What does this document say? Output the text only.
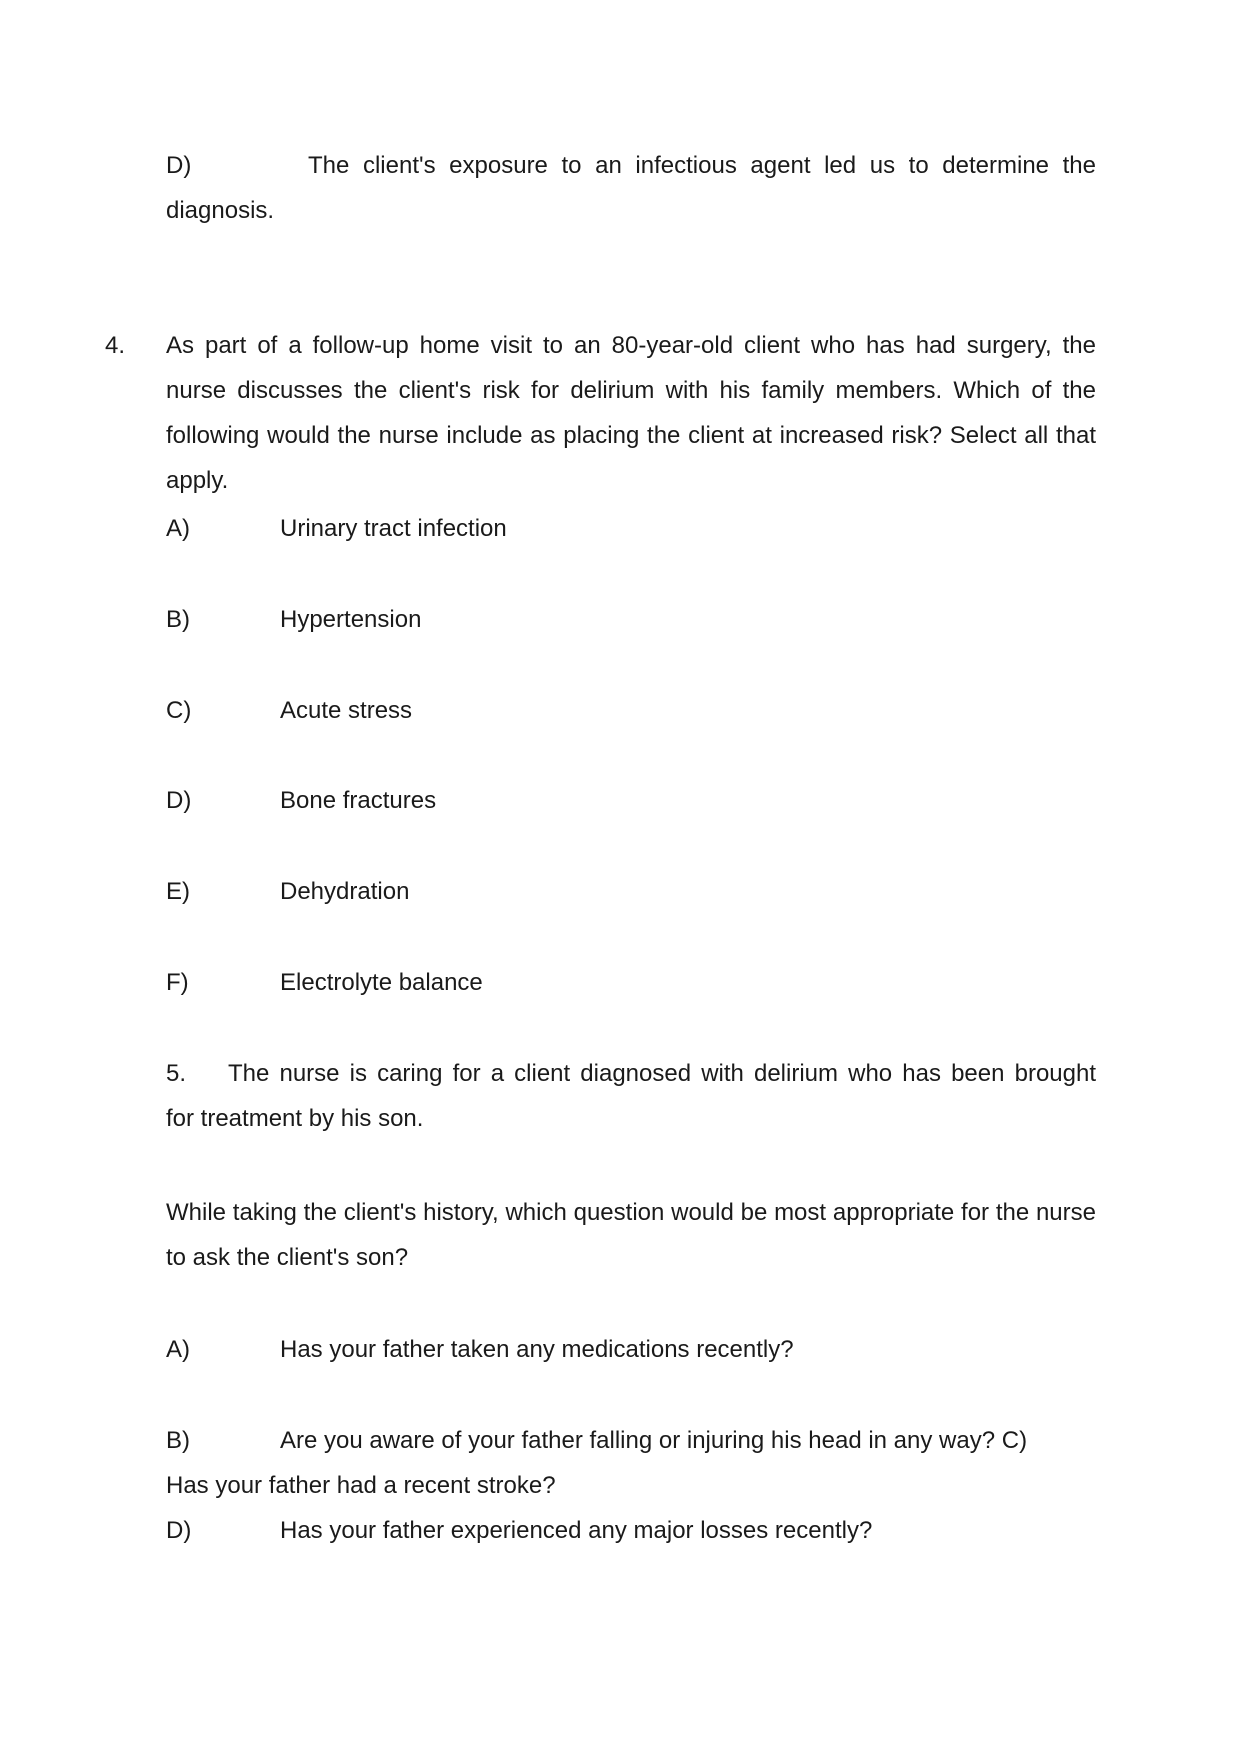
D)	The client's exposure to an infectious agent led us to determine the
diagnosis.
4. As part of a follow-up home visit to an 80-year-old client who has had surgery, the nurse discusses the client's risk for delirium with his family members. Which of the following would the nurse include as placing the client at increased risk? Select all that apply.
A)	Urinary tract infection
B)	Hypertension
C)	Acute stress
D)	Bone fractures
E)	Dehydration
F)	Electrolyte balance
5. The nurse is caring for a client diagnosed with delirium who has been brought
for treatment by his son.
While taking the client's history, which question would be most appropriate for the nurse to ask the client's son?
A)	Has your father taken any medications recently?
B)	Are you aware of your father falling or injuring his head in any way? C)
Has your father had a recent stroke?
D)	Has your father experienced any major losses recently?
